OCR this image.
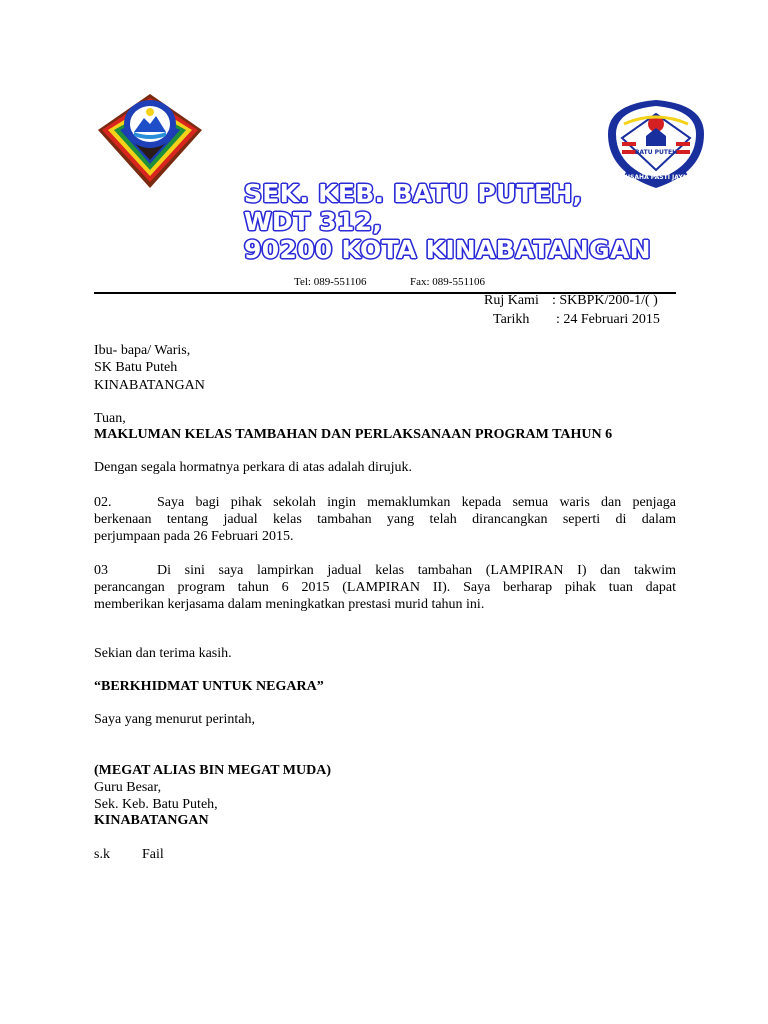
BATU PUTEH
USAHA PASTI JAYA
SEK. KEB. BATU PUTEH,
WDT 312,
90200 KOTA KINABATANGAN
Tel: 089-551106	Fax: 089-551106
Ruj Kami : SKBPK/200-1/( )
Tarikh : 24 Februari 2015
Ibu- bapa/ Waris,
SK Batu Puteh
KINABATANGAN
Tuan,
MAKLUMAN KELAS TAMBAHAN DAN PERLAKSANAAN PROGRAM TAHUN 6
Dengan segala hormatnya perkara di atas adalah dirujuk.
02.	Saya bagi pihak sekolah ingin memaklumkan kepada semua waris dan penjaga
berkenaan tentang jadual kelas tambahan yang telah dirancangkan seperti di dalam
perjumpaan pada 26 Februari 2015.
03	Di sini saya lampirkan jadual kelas tambahan (LAMPIRAN I) dan takwim
perancangan program tahun 6 2015 (LAMPIRAN II). Saya berharap pihak tuan dapat
memberikan kerjasama dalam meningkatkan prestasi murid tahun ini.
Sekian dan terima kasih.
“BERKHIDMAT UNTUK NEGARA”
Saya yang menurut perintah,
(MEGAT ALIAS BIN MEGAT MUDA)
Guru Besar,
Sek. Keb. Batu Puteh,
KINABATANGAN
s.k Fail
